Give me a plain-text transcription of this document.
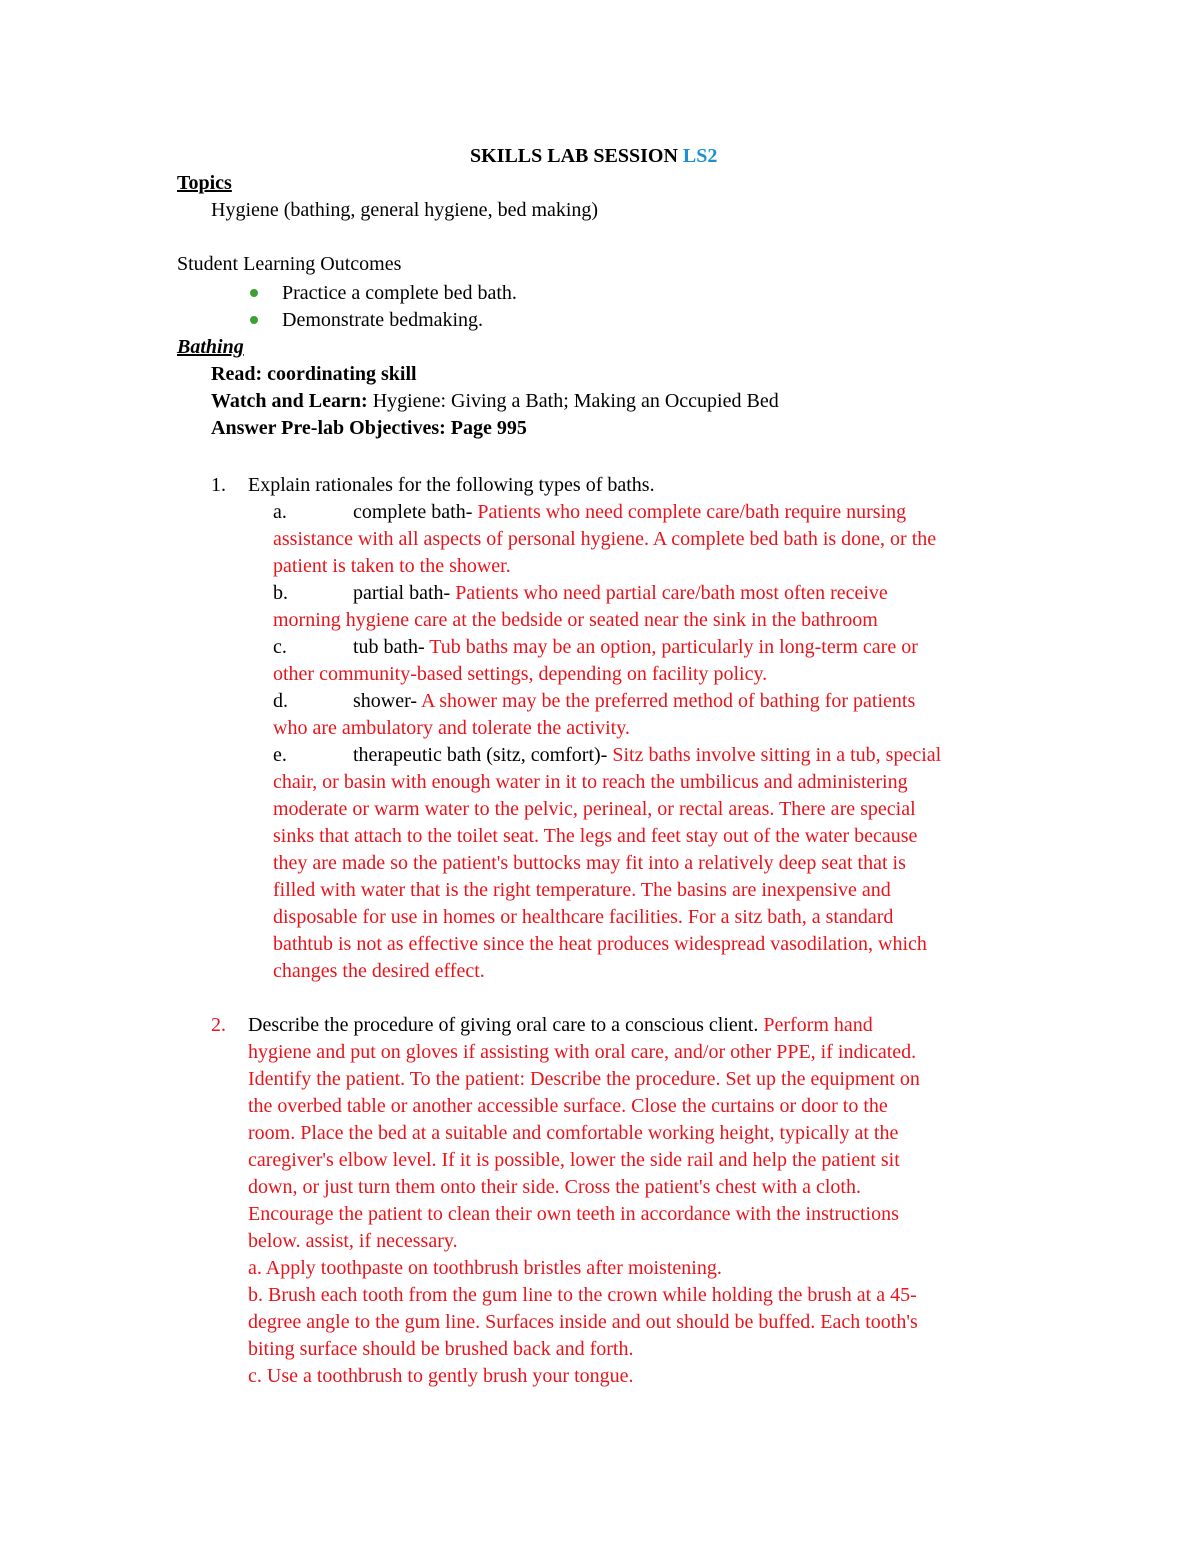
SKILLS LAB SESSION LS2
Topics
Hygiene (bathing, general hygiene, bed making)
Student Learning Outcomes
Practice a complete bed bath.
Demonstrate bedmaking.
Bathing
Read: coordinating skill
Watch and Learn: Hygiene: Giving a Bath; Making an Occupied Bed
Answer Pre-lab Objectives: Page 995
1. Explain rationales for the following types of baths.
a.	complete bath- Patients who need complete care/bath require nursing
assistance with all aspects of personal hygiene. A complete bed bath is done, or the
patient is taken to the shower.
b.	partial bath- Patients who need partial care/bath most often receive
morning hygiene care at the bedside or seated near the sink in the bathroom
c.	tub bath- Tub baths may be an option, particularly in long-term care or
other community-based settings, depending on facility policy.
d.	shower- A shower may be the preferred method of bathing for patients
who are ambulatory and tolerate the activity.
e.	therapeutic bath (sitz, comfort)- Sitz baths involve sitting in a tub, special
chair, or basin with enough water in it to reach the umbilicus and administering
moderate or warm water to the pelvic, perineal, or rectal areas. There are special
sinks that attach to the toilet seat. The legs and feet stay out of the water because
they are made so the patient's buttocks may fit into a relatively deep seat that is
filled with water that is the right temperature. The basins are inexpensive and
disposable for use in homes or healthcare facilities. For a sitz bath, a standard
bathtub is not as effective since the heat produces widespread vasodilation, which
changes the desired effect.
2. Describe the procedure of giving oral care to a conscious client. Perform hand
hygiene and put on gloves if assisting with oral care, and/or other PPE, if indicated.
Identify the patient. To the patient: Describe the procedure. Set up the equipment on
the overbed table or another accessible surface. Close the curtains or door to the
room. Place the bed at a suitable and comfortable working height, typically at the
caregiver's elbow level. If it is possible, lower the side rail and help the patient sit
down, or just turn them onto their side. Cross the patient's chest with a cloth.
Encourage the patient to clean their own teeth in accordance with the instructions
below. assist, if necessary.
a. Apply toothpaste on toothbrush bristles after moistening.
b. Brush each tooth from the gum line to the crown while holding the brush at a 45-
degree angle to the gum line. Surfaces inside and out should be buffed. Each tooth's
biting surface should be brushed back and forth.
c. Use a toothbrush to gently brush your tongue.
